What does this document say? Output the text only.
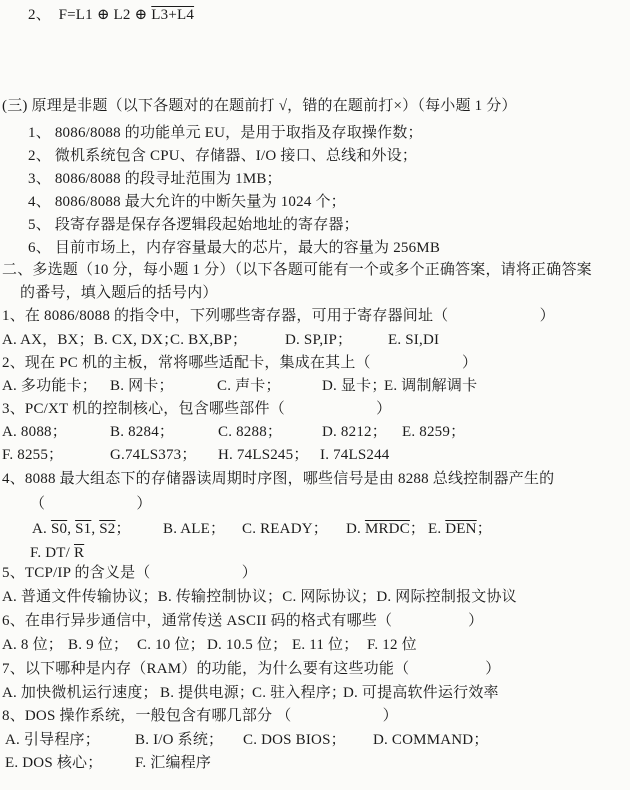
2、　F=L1 ⊕ L2 ⊕ L3+L4
(三) 原理是非题（以下各题对的在题前打 √，错的在题前打×）（每小题 1 分）
1、 8086/8088 的功能单元 EU，是用于取指及存取操作数；
2、 微机系统包含 CPU、存储器、I/O 接口、总线和外设；
3、 8086/8088 的段寻址范围为 1MB；
4、 8086/8088 最大允许的中断矢量为 1024 个；
5、 段寄存器是保存各逻辑段起始地址的寄存器；
6、 目前市场上，内存容量最大的芯片，最大的容量为 256MB
二、多选题（10 分，每小题 1 分）（以下各题可能有一个或多个正确答案，请将正确答案
的番号，填入题后的括号内）
1、在 8086/8088 的指令中，下列哪些寄存器，可用于寄存器间址（　　　　　　）
A. AX，BX；B. CX, DX；
C. BX,BP；	D. SP,IP； E. SI,DI
2、现在 PC 机的主板，常将哪些适配卡，集成在其上（　　　　　　）
A. 多功能卡； B. 网卡；	C. 声卡；	D. 显卡；
E. 调制解调卡
3、PC/XT 机的控制核心，包含哪些部件（　　　　　　）
A. 8088；	B. 8284；	C. 8288；	D. 8212； E. 8259；
F. 8255；	G.74LS373； H. 74LS245； I. 74LS244
4、8088 最大组态下的存储器读周期时序图，哪些信号是由 8288 总线控制器产生的
（　　　　　　）
A. S0, S1, S2； B. ALE； C. READY； D. MRDC； E. $\overline{DEN}$；
F. DT/ $\overline{R}$
5、TCP/IP 的含义是（　　　　　　）
A. 普通文件传输协议；B. 传输控制协议；C. 网际协议；D. 网际控制报文协议
6、在串行异步通信中，通常传送 ASCII 码的格式有哪些（　　　　　）
A. 8 位； B. 9 位； C. 10 位； D. 10.5 位； E. 11 位； F. 12 位
7、以下哪种是内存（RAM）的功能，为什么要有这些功能（　　　　　）
A. 加快微机运行速度； B. 提供电源；
C. 驻入程序；
D. 可提高软件运行效率
8、DOS 操作系统，一般包含有哪几部分 （　　　　　　）
A. 引导程序； B. I/O 系统； C. DOS BIOS； D. COMMAND；
E. DOS 核心； F. 汇编程序
